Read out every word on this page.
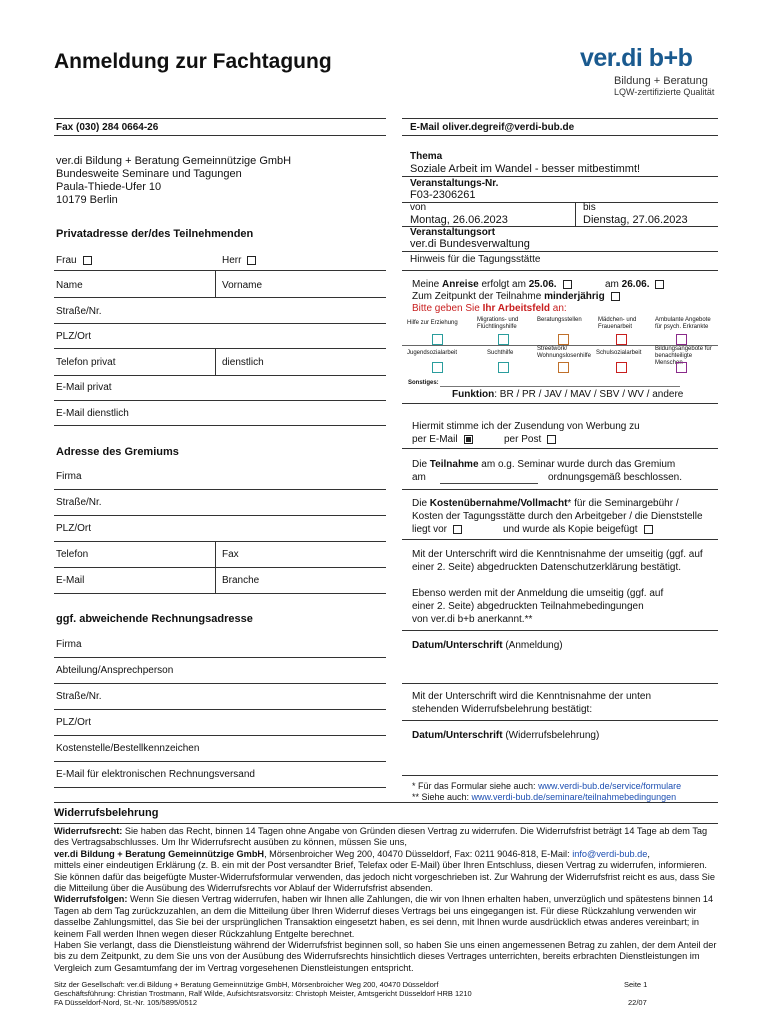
Anmeldung zur Fachtagung	ver.di b+b
Bildung + Beratung
LQW-zertifizierte Qualität
Fax (030) 284 0664-26	E-Mail oliver.degreif@verdi-bub.de
ver.di Bildung + Beratung Gemeinnützige GmbH
Bundesweite Seminare und Tagungen
Paula-Thiede-Ufer 10
10179 Berlin
Privatadresse der/des Teilnehmenden
Frau	Herr
Name	Vorname
Straße/Nr.
PLZ/Ort
Telefon privat	dienstlich
E-Mail privat
E-Mail dienstlich
Adresse des Gremiums
Firma
Straße/Nr.
PLZ/Ort
Telefon	Fax
E-Mail	Branche
ggf. abweichende Rechnungsadresse
Firma
Abteilung/Ansprechperson
Straße/Nr.
PLZ/Ort
Kostenstelle/Bestellkennzeichen
E-Mail für elektronischen Rechnungsversand
Thema
Soziale Arbeit im Wandel - besser mitbestimmt!
Veranstaltungs-Nr.
F03-2306261
von	bis
Montag, 26.06.2023	Dienstag, 27.06.2023
Veranstaltungsort
ver.di Bundesverwaltung
Hinweis für die Tagungsstätte
Meine Anreise erfolgt am 25.06.	am 26.06.
Zum Zeitpunkt der Teilnahme minderjährig
Bitte geben Sie Ihr Arbeitsfeld an:
Hilfe zur Erziehung	Migrations- und Flüchtlingshilfe
Beratungsstellen	Mädchen- und Frauenarbeit
Ambulante Angebote für psych. Erkrankte
Jugendsozialarbeit	Suchthilfe
Streetwork/ Wohnungslosenhilfe Schulsozialarbeit
Bildungsangebote für benachteiligte Menschen
Sonstiges:
Funktion: BR / PR / JAV / MAV / SBV / WV / andere
Hiermit stimme ich der Zusendung von Werbung zu
per E-Mail	per Post
Die Teilnahme am o.g. Seminar wurde durch das Gremium
am	ordnungsgemäß beschlossen.
Die Kostenübernahme/Vollmacht* für die Seminargebühr /
Kosten der Tagungsstätte durch den Arbeitgeber / die Dienststelle
liegt vor	und wurde als Kopie beigefügt
Mit der Unterschrift wird die Kenntnisnahme der umseitig (ggf. auf
einer 2. Seite) abgedruckten Datenschutzerklärung bestätigt.
Ebenso werden mit der Anmeldung die umseitig (ggf. auf
einer 2. Seite) abgedruckten Teilnahmebedingungen
von ver.di b+b anerkannt.**
Datum/Unterschrift (Anmeldung)
Mit der Unterschrift wird die Kenntnisnahme der unten
stehenden Widerrufsbelehrung bestätigt:
Datum/Unterschrift (Widerrufsbelehrung)
* Für das Formular siehe auch: www.verdi-bub.de/service/formulare
** Siehe auch: www.verdi-bub.de/seminare/teilnahmebedingungen
Widerrufsbelehrung
Widerrufsrecht: Sie haben das Recht, binnen 14 Tagen ohne Angabe von Gründen diesen Vertrag zu widerrufen. Die Widerrufsfrist beträgt 14 Tage ab dem Tag des Vertragsabschlusses. Um Ihr Widerrufsrecht ausüben zu können, müssen Sie uns,
ver.di Bildung + Beratung Gemeinnützige GmbH, Mörsenbroicher Weg 200, 40470 Düsseldorf, Fax: 0211 9046-818, E-Mail: info@verdi-bub.de,
mittels einer eindeutigen Erklärung (z. B. ein mit der Post versandter Brief, Telefax oder E-Mail) über Ihren Entschluss, diesen Vertrag zu widerrufen, informieren. Sie können dafür das beigefügte Muster-Widerrufsformular verwenden, das jedoch nicht vorgeschrieben ist. Zur Wahrung der Widerrufsfrist reicht es aus, dass Sie die Mitteilung über die Ausübung des Widerrufsrechts vor Ablauf der Widerrufsfrist absenden.
Widerrufsfolgen: Wenn Sie diesen Vertrag widerrufen, haben wir Ihnen alle Zahlungen, die wir von Ihnen erhalten haben, unverzüglich und spätestens binnen 14 Tagen ab dem Tag zurückzuzahlen, an dem die Mitteilung über Ihren Widerruf dieses Vertrags bei uns eingegangen ist. Für diese Rückzahlung verwenden wir dasselbe Zahlungsmittel, das Sie bei der ursprünglichen Transaktion eingesetzt haben, es sei denn, mit Ihnen wurde ausdrücklich etwas anderes vereinbart; in keinem Fall werden Ihnen wegen dieser Rückzahlung Entgelte berechnet.
Haben Sie verlangt, dass die Dienstleistung während der Widerrufsfrist beginnen soll, so haben Sie uns einen angemessenen Betrag zu zahlen, der dem Anteil der bis zu dem Zeitpunkt, zu dem Sie uns von der Ausübung des Widerrufsrechts hinsichtlich dieses Vertrages unterrichten, bereits erbrachten Dienstleistungen im Vergleich zum Gesamtumfang der im Vertrag vorgesehenen Dienstleistungen entspricht.
Sitz der Gesellschaft: ver.di Bildung + Beratung Gemeinnützige GmbH, Mörsenbroicher Weg 200, 40470 Düsseldorf
Geschäftsführung: Christian Trostmann, Ralf Wilde, Aufsichtsratsvorsitz: Christoph Meister, Amtsgericht Düsseldorf HRB 1210
FA Düsseldorf-Nord, St.-Nr. 105/5895/0512
Seite 1
22/07
